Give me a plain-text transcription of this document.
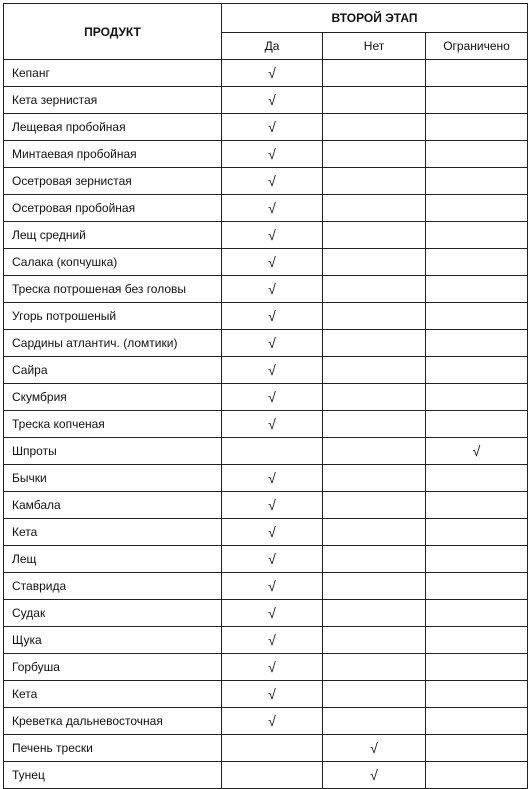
ПРОДУКТ	ВТОРОЙ ЭТАП		
	Да	Нет	Ограничено
Кепанг	√		
Кета зернистая	√		
Лещевая пробойная	√		
Минтаевая пробойная	√		
Осетровая зернистая	√		
Осетровая пробойная	√		
Лещ средний	√		
Салака (копчушка)	√		
Треска потрошеная без головы	√		
Угорь потрошеный	√		
Сардины атлантич. (ломтики)	√		
Сайра	√		
Скумбрия	√		
Треска копченая	√		
Шпроты			√
Бычки	√		
Камбала	√		
Кета	√		
Лещ	√		
Ставрида	√		
Судак	√		
Щука	√		
Горбуша	√		
Кета	√		
Креветка дальневосточная	√		
Печень трески		√	
Тунец		√	
